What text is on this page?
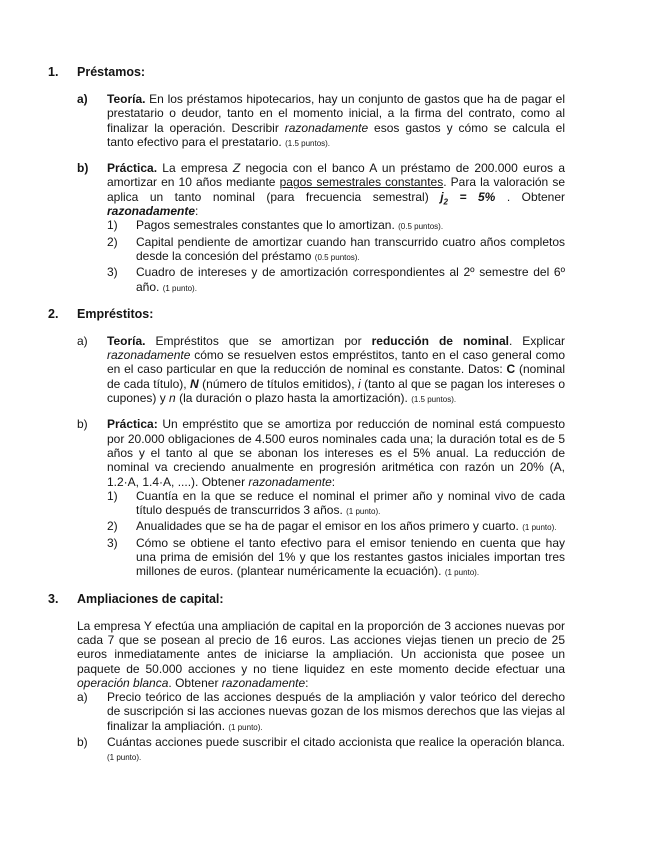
1.	Préstamos:
a)	Teoría. En los préstamos hipotecarios, hay un conjunto de gastos que ha de pagar el prestatario o deudor, tanto en el momento inicial, a la firma del contrato, como al finalizar la operación. Describir razonadamente esos gastos y cómo se calcula el tanto efectivo para el prestatario. (1.5 puntos).
b)	Práctica. La empresa Z negocia con el banco A un préstamo de 200.000 euros a amortizar en 10 años mediante pagos semestrales constantes. Para la valoración se aplica un tanto nominal (para frecuencia semestral) $j_2 = 5\%$ . Obtener razonadamente:
1)	Pagos semestrales constantes que lo amortizan. (0.5 puntos).
2)	Capital pendiente de amortizar cuando han transcurrido cuatro años completos desde la concesión del préstamo (0.5 puntos).
3)	Cuadro de intereses y de amortización correspondientes al 2º semestre del 6º año. (1 punto).
2.	Empréstitos:
a)	Teoría. Empréstitos que se amortizan por reducción de nominal. Explicar razonadamente cómo se resuelven estos empréstitos, tanto en el caso general como en el caso particular en que la reducción de nominal es constante. Datos: C (nominal de cada título), N (número de títulos emitidos), i (tanto al que se pagan los intereses o cupones) y n (la duración o plazo hasta la amortización). (1.5 puntos).
b)	Práctica: Un empréstito que se amortiza por reducción de nominal está compuesto por 20.000 obligaciones de 4.500 euros nominales cada una; la duración total es de 5 años y el tanto al que se abonan los intereses es el 5% anual. La reducción de nominal va creciendo anualmente en progresión aritmética con razón un 20% (A, 1.2·A, 1.4·A, ....). Obtener razonadamente:
1)	Cuantía en la que se reduce el nominal el primer año y nominal vivo de cada título después de transcurridos 3 años. (1 punto).
2)	Anualidades que se ha de pagar el emisor en los años primero y cuarto. (1 punto).
3)	Cómo se obtiene el tanto efectivo para el emisor teniendo en cuenta que hay una prima de emisión del 1% y que los restantes gastos iniciales importan tres millones de euros. (plantear numéricamente la ecuación). (1 punto).
3.	Ampliaciones de capital:
La empresa Y efectúa una ampliación de capital en la proporción de 3 acciones nuevas por cada 7 que se posean al precio de 16 euros. Las acciones viejas tienen un precio de 25 euros inmediatamente antes de iniciarse la ampliación. Un accionista que posee un paquete de 50.000 acciones y no tiene liquidez en este momento decide efectuar una operación blanca. Obtener razonadamente:
a)	Precio teórico de las acciones después de la ampliación y valor teórico del derecho de suscripción si las acciones nuevas gozan de los mismos derechos que las viejas al finalizar la ampliación. (1 punto).
b)	Cuántas acciones puede suscribir el citado accionista que realice la operación blanca. (1 punto).
